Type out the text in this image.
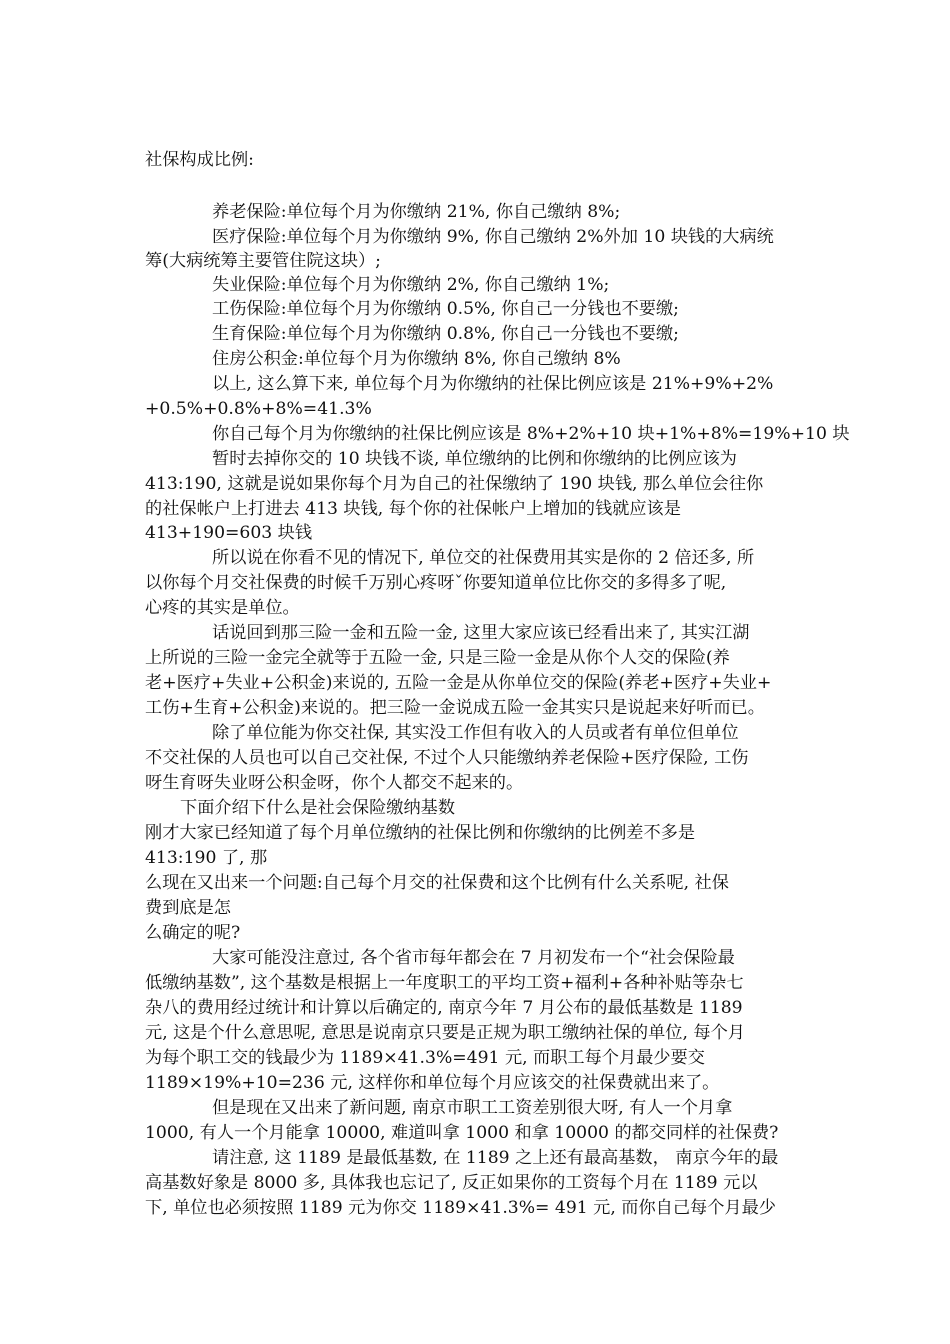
社保构成比例:
养老保险:单位每个月为你缴纳 21%, 你自己缴纳 8%;
医疗保险:单位每个月为你缴纳 9%, 你自己缴纳 2%外加 10 块钱的大病统
筹(大病统筹主要管住院这块）;
失业保险:单位每个月为你缴纳 2%, 你自己缴纳 1%;
工伤保险:单位每个月为你缴纳 0.5%, 你自己一分钱也不要缴;
生育保险:单位每个月为你缴纳 0.8%, 你自己一分钱也不要缴;
住房公积金:单位每个月为你缴纳 8%, 你自己缴纳 8%
以上, 这么算下来, 单位每个月为你缴纳的社保比例应该是 21%+9%+2%
+0.5%+0.8%+8%=41.3%
你自己每个月为你缴纳的社保比例应该是 8%+2%+10 块+1%+8%=19%+10 块
暂时去掉你交的 10 块钱不谈, 单位缴纳的比例和你缴纳的比例应该为
413:190, 这就是说如果你每个月为自己的社保缴纳了 190 块钱, 那么单位会往你
的社保帐户上打进去 413 块钱, 每个你的社保帐户上增加的钱就应该是
413+190=603 块钱
所以说在你看不见的情况下, 单位交的社保费用其实是你的 2 倍还多, 所
以你每个月交社保费的时候千万别心疼呀ˇ你要知道单位比你交的多得多了呢,
心疼的其实是单位。
话说回到那三险一金和五险一金, 这里大家应该已经看出来了, 其实江湖
上所说的三险一金完全就等于五险一金, 只是三险一金是从你个人交的保险(养
老+医疗+失业+公积金)来说的, 五险一金是从你单位交的保险(养老+医疗+失业+
工伤+生育+公积金)来说的。把三险一金说成五险一金其实只是说起来好听而已。
除了单位能为你交社保, 其实没工作但有收入的人员或者有单位但单位
不交社保的人员也可以自己交社保, 不过个人只能缴纳养老保险+医疗保险, 工伤
呀生育呀失业呀公积金呀，你个人都交不起来的。
下面介绍下什么是社会保险缴纳基数
刚才大家已经知道了每个月单位缴纳的社保比例和你缴纳的比例差不多是
413:190 了, 那
么现在又出来一个问题:自己每个月交的社保费和这个比例有什么关系呢, 社保
费到底是怎
么确定的呢?
大家可能没注意过, 各个省市每年都会在 7 月初发布一个“社会保险最
低缴纳基数”, 这个基数是根据上一年度职工的平均工资+福利+各种补贴等杂七
杂八的费用经过统计和计算以后确定的, 南京今年 7 月公布的最低基数是 1189
元, 这是个什么意思呢, 意思是说南京只要是正规为职工缴纳社保的单位, 每个月
为每个职工交的钱最少为 1189×41.3%=491 元, 而职工每个月最少要交
1189×19%+10=236 元, 这样你和单位每个月应该交的社保费就出来了。
但是现在又出来了新问题, 南京市职工工资差别很大呀, 有人一个月拿
1000, 有人一个月能拿 10000, 难道叫拿 1000 和拿 10000 的都交同样的社保费?
请注意, 这 1189 是最低基数, 在 1189 之上还有最高基数， 南京今年的最
高基数好象是 8000 多, 具体我也忘记了, 反正如果你的工资每个月在 1189 元以
下, 单位也必须按照 1189 元为你交 1189×41.3%= 491 元, 而你自己每个月最少
